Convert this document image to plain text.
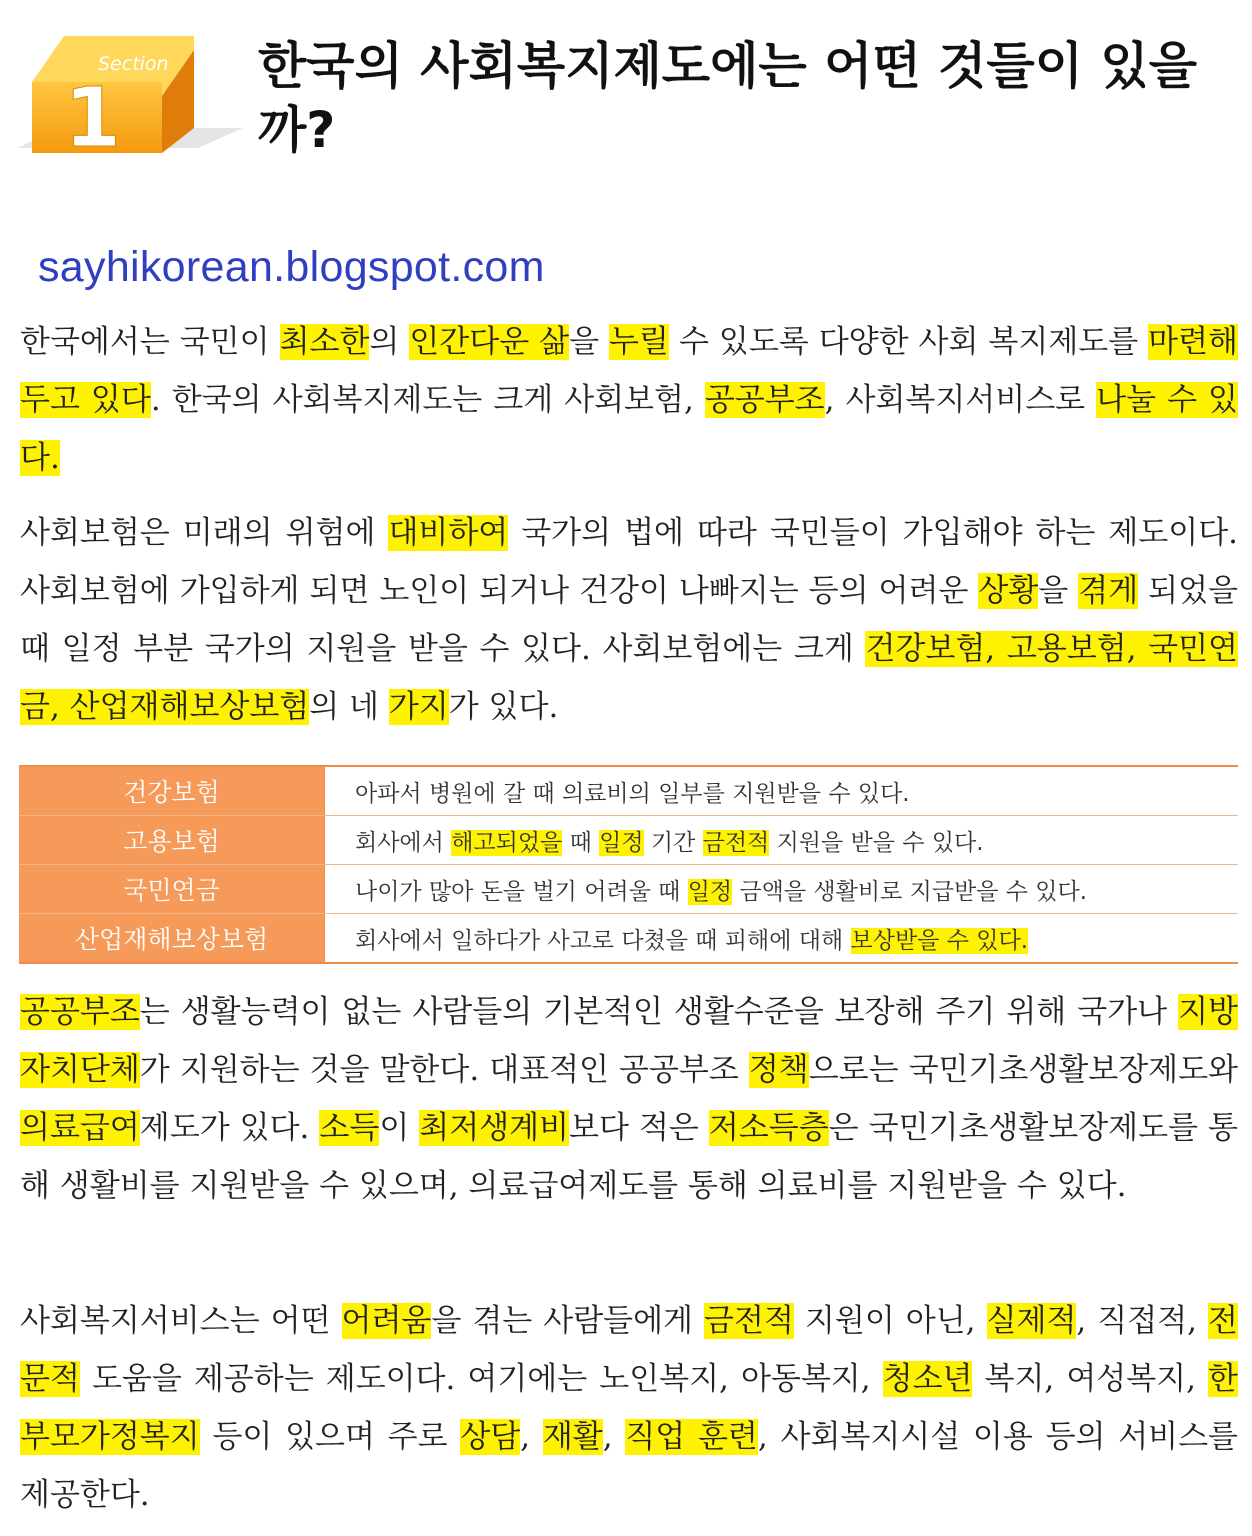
Section
1
한국의 사회복지제도에는 어떤 것들이 있을까?
sayhikorean.blogspot.com

한국에서는 국민이 최소한의 인간다운 삶을 누릴 수 있도록 다양한 사회 복지제도를 마련해 두고 있다. 한국의 사회복지제도는 크게 사회보험, 공공부조, 사회복지서비스로 나눌 수 있다.

사회보험은 미래의 위험에 대비하여 국가의 법에 따라 국민들이 가입해야 하는 제도이다. 사회보험에 가입하게 되면 노인이 되거나 건강이 나빠지는 등의 어려운 상황을 겪게 되었을 때 일정 부분 국가의 지원을 받을 수 있다. 사회보험에는 크게 건강보험, 고용보험, 국민연금, 산업재해보상보험의 네 가지가 있다.

건강보험	아파서 병원에 갈 때 의료비의 일부를 지원받을 수 있다.
고용보험	회사에서 해고되었을 때 일정 기간 금전적 지원을 받을 수 있다.
국민연금	나이가 많아 돈을 벌기 어려울 때 일정 금액을 생활비로 지급받을 수 있다.
산업재해보상보험	회사에서 일하다가 사고로 다쳤을 때 피해에 대해 보상받을 수 있다.

공공부조는 생활능력이 없는 사람들의 기본적인 생활수준을 보장해 주기 위해 국가나 지방자치단체가 지원하는 것을 말한다. 대표적인 공공부조 정책으로는 국민기초생활보장제도와 의료급여제도가 있다. 소득이 최저생계비보다 적은 저소득층은 국민기초생활보장제도를 통해 생활비를 지원받을 수 있으며, 의료급여제도를 통해 의료비를 지원받을 수 있다.

사회복지서비스는 어떤 어려움을 겪는 사람들에게 금전적 지원이 아닌, 실제적, 직접적, 전문적 도움을 제공하는 제도이다. 여기에는 노인복지, 아동복지, 청소년 복지, 여성복지, 한부모가정복지 등이 있으며 주로 상담, 재활, 직업 훈련, 사회복지시설 이용 등의 서비스를 제공한다.
